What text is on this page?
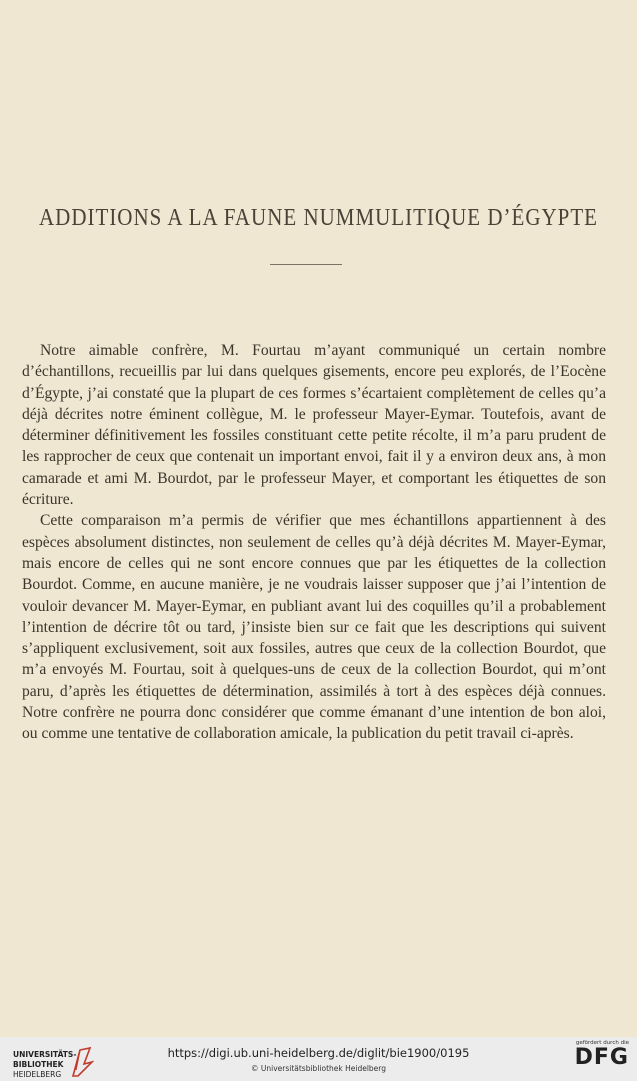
ADDITIONS A LA FAUNE NUMMULITIQUE D’ÉGYPTE

Notre aimable confrère, M. Fourtau m’ayant communiqué un certain nombre d’échantillons, recueillis par lui dans quelques gisements, encore peu explorés, de l’Eocène d’Égypte, j’ai constaté que la plupart de ces formes s’écartaient complètement de celles qu’a déjà décrites notre éminent collègue, M. le professeur Mayer-Eymar. Toutefois, avant de déterminer définitivement les fossiles constituant cette petite récolte, il m’a paru prudent de les rapprocher de ceux que contenait un important envoi, fait il y a environ deux ans, à mon camarade et ami M. Bourdot, par le professeur Mayer, et comportant les étiquettes de son écriture.

Cette comparaison m’a permis de vérifier que mes échantillons appartiennent à des espèces absolument distinctes, non seulement de celles qu’à déjà décrites M. Mayer-Eymar, mais encore de celles qui ne sont encore connues que par les étiquettes de la collection Bourdot. Comme, en aucune manière, je ne voudrais laisser supposer que j’ai l’intention de vouloir devancer M. Mayer-Eymar, en publiant avant lui des coquilles qu’il a probablement l’intention de décrire tôt ou tard, j’insiste bien sur ce fait que les descriptions qui suivent s’appliquent exclusivement, soit aux fossiles, autres que ceux de la collection Bourdot, que m’a envoyés M. Fourtau, soit à quelques-uns de ceux de la collection Bourdot, qui m’ont paru, d’après les étiquettes de détermination, assimilés à tort à des espèces déjà connues. Notre confrère ne pourra donc considérer que comme émanant d’une intention de bon aloi, ou comme une tentative de collaboration amicale, la publication du petit travail ci-après.

UNIVERSITÄTS-
BIBLIOTHEK
HEIDELBERG
https://digi.ub.uni-heidelberg.de/diglit/bie1900/0195
© Universitätsbibliothek Heidelberg
gefördert durch die
DFG
